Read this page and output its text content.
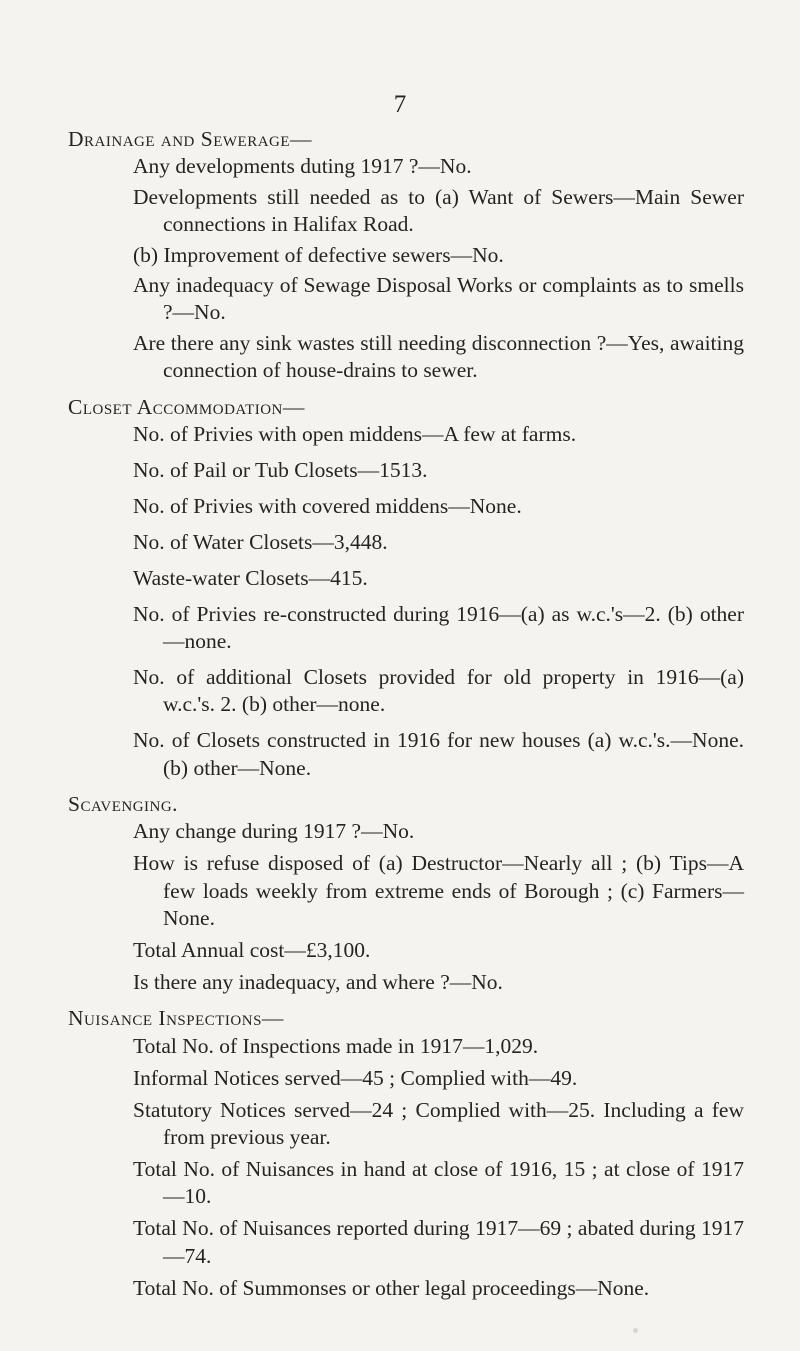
7
Drainage and Sewerage—

Any developments duting 1917 ?—No.

Developments still needed as to (a) Want of Sewers—Main Sewer connections in Halifax Road.

(b) Improvement of defective sewers—No.

Any inadequacy of Sewage Disposal Works or complaints as to smells ?—No.

Are there any sink wastes still needing disconnection ?—Yes, awaiting connection of house-drains to sewer.

Closet Accommodation—

No. of Privies with open middens—A few at farms.

No. of Pail or Tub Closets—1513.

No. of Privies with covered middens—None.

No. of Water Closets—3,448.

Waste-water Closets—415.

No. of Privies re-constructed during 1916—(a) as w.c.'s—2. (b) other—none.

No. of additional Closets provided for old property in 1916—(a) w.c.'s. 2. (b) other—none.

No. of Closets constructed in 1916 for new houses (a) w.c.'s.—None. (b) other—None.

Scavenging.

Any change during 1917 ?—No.

How is refuse disposed of (a) Destructor—Nearly all ; (b) Tips—A few loads weekly from extreme ends of Borough ; (c) Farmers—None.

Total Annual cost—£3,100.

Is there any inadequacy, and where ?—No.

Nuisance Inspections—

Total No. of Inspections made in 1917—1,029.

Informal Notices served—45 ; Complied with—49.

Statutory Notices served—24 ; Complied with—25. Including a few from previous year.

Total No. of Nuisances in hand at close of 1916, 15 ; at close of 1917—10.

Total No. of Nuisances reported during 1917—69 ; abated during 1917—74.

Total No. of Summonses or other legal proceedings—None.
